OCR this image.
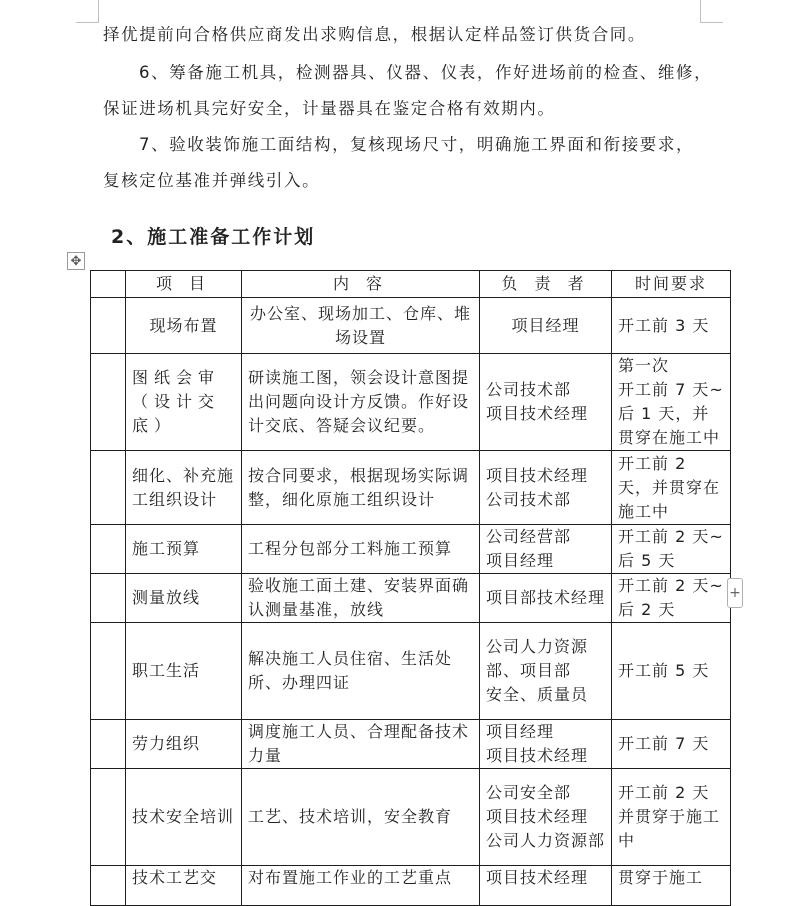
择优提前向合格供应商发出求购信息，根据认定样品签订供货合同。
6、筹备施工机具，检测器具、仪器、仪表，作好进场前的检查、维修，
保证进场机具完好安全，计量器具在鉴定合格有效期内。
7、验收装饰施工面结构，复核现场尺寸，明确施工界面和衔接要求，
复核定位基准并弹线引入。
2、施工准备工作计划
✥
	项 目	内 容	负 责 者	时间要求
	现场布置	办公室、现场加工、仓库、堆场设置	项目经理	开工前 3 天
	图纸会审（设计交底）	研读施工图，领会设计意图提出问题向设计方反馈。作好设计交底、答疑会议纪要。	公司技术部
项目技术经理	第一次
开工前 7 天~后 1 天，并贯穿在施工中
	细化、补充施工组织设计	按合同要求，根据现场实际调整，细化原施工组织设计	项目技术经理
公司技术部	开工前 2 天，并贯穿在施工中
	施工预算	工程分包部分工料施工预算	公司经营部
项目经理	开工前 2 天~后 5 天
	测量放线	验收施工面土建、安装界面确认测量基准，放线	项目部技术经理	开工前 2 天~后 2 天
	职工生活	解决施工人员住宿、生活处所、办理四证	公司人力资源部、项目部
安全、质量员	开工前 5 天
	劳力组织	调度施工人员、合理配备技术力量	项目经理
项目技术经理	开工前 7 天
	技术安全培训	工艺、技术培训，安全教育	公司安全部
项目技术经理
公司人力资源部	开工前 2 天
并贯穿于施工中
	技术工艺交	对布置施工作业的工艺重点	项目技术经理	贯穿于施工
+
